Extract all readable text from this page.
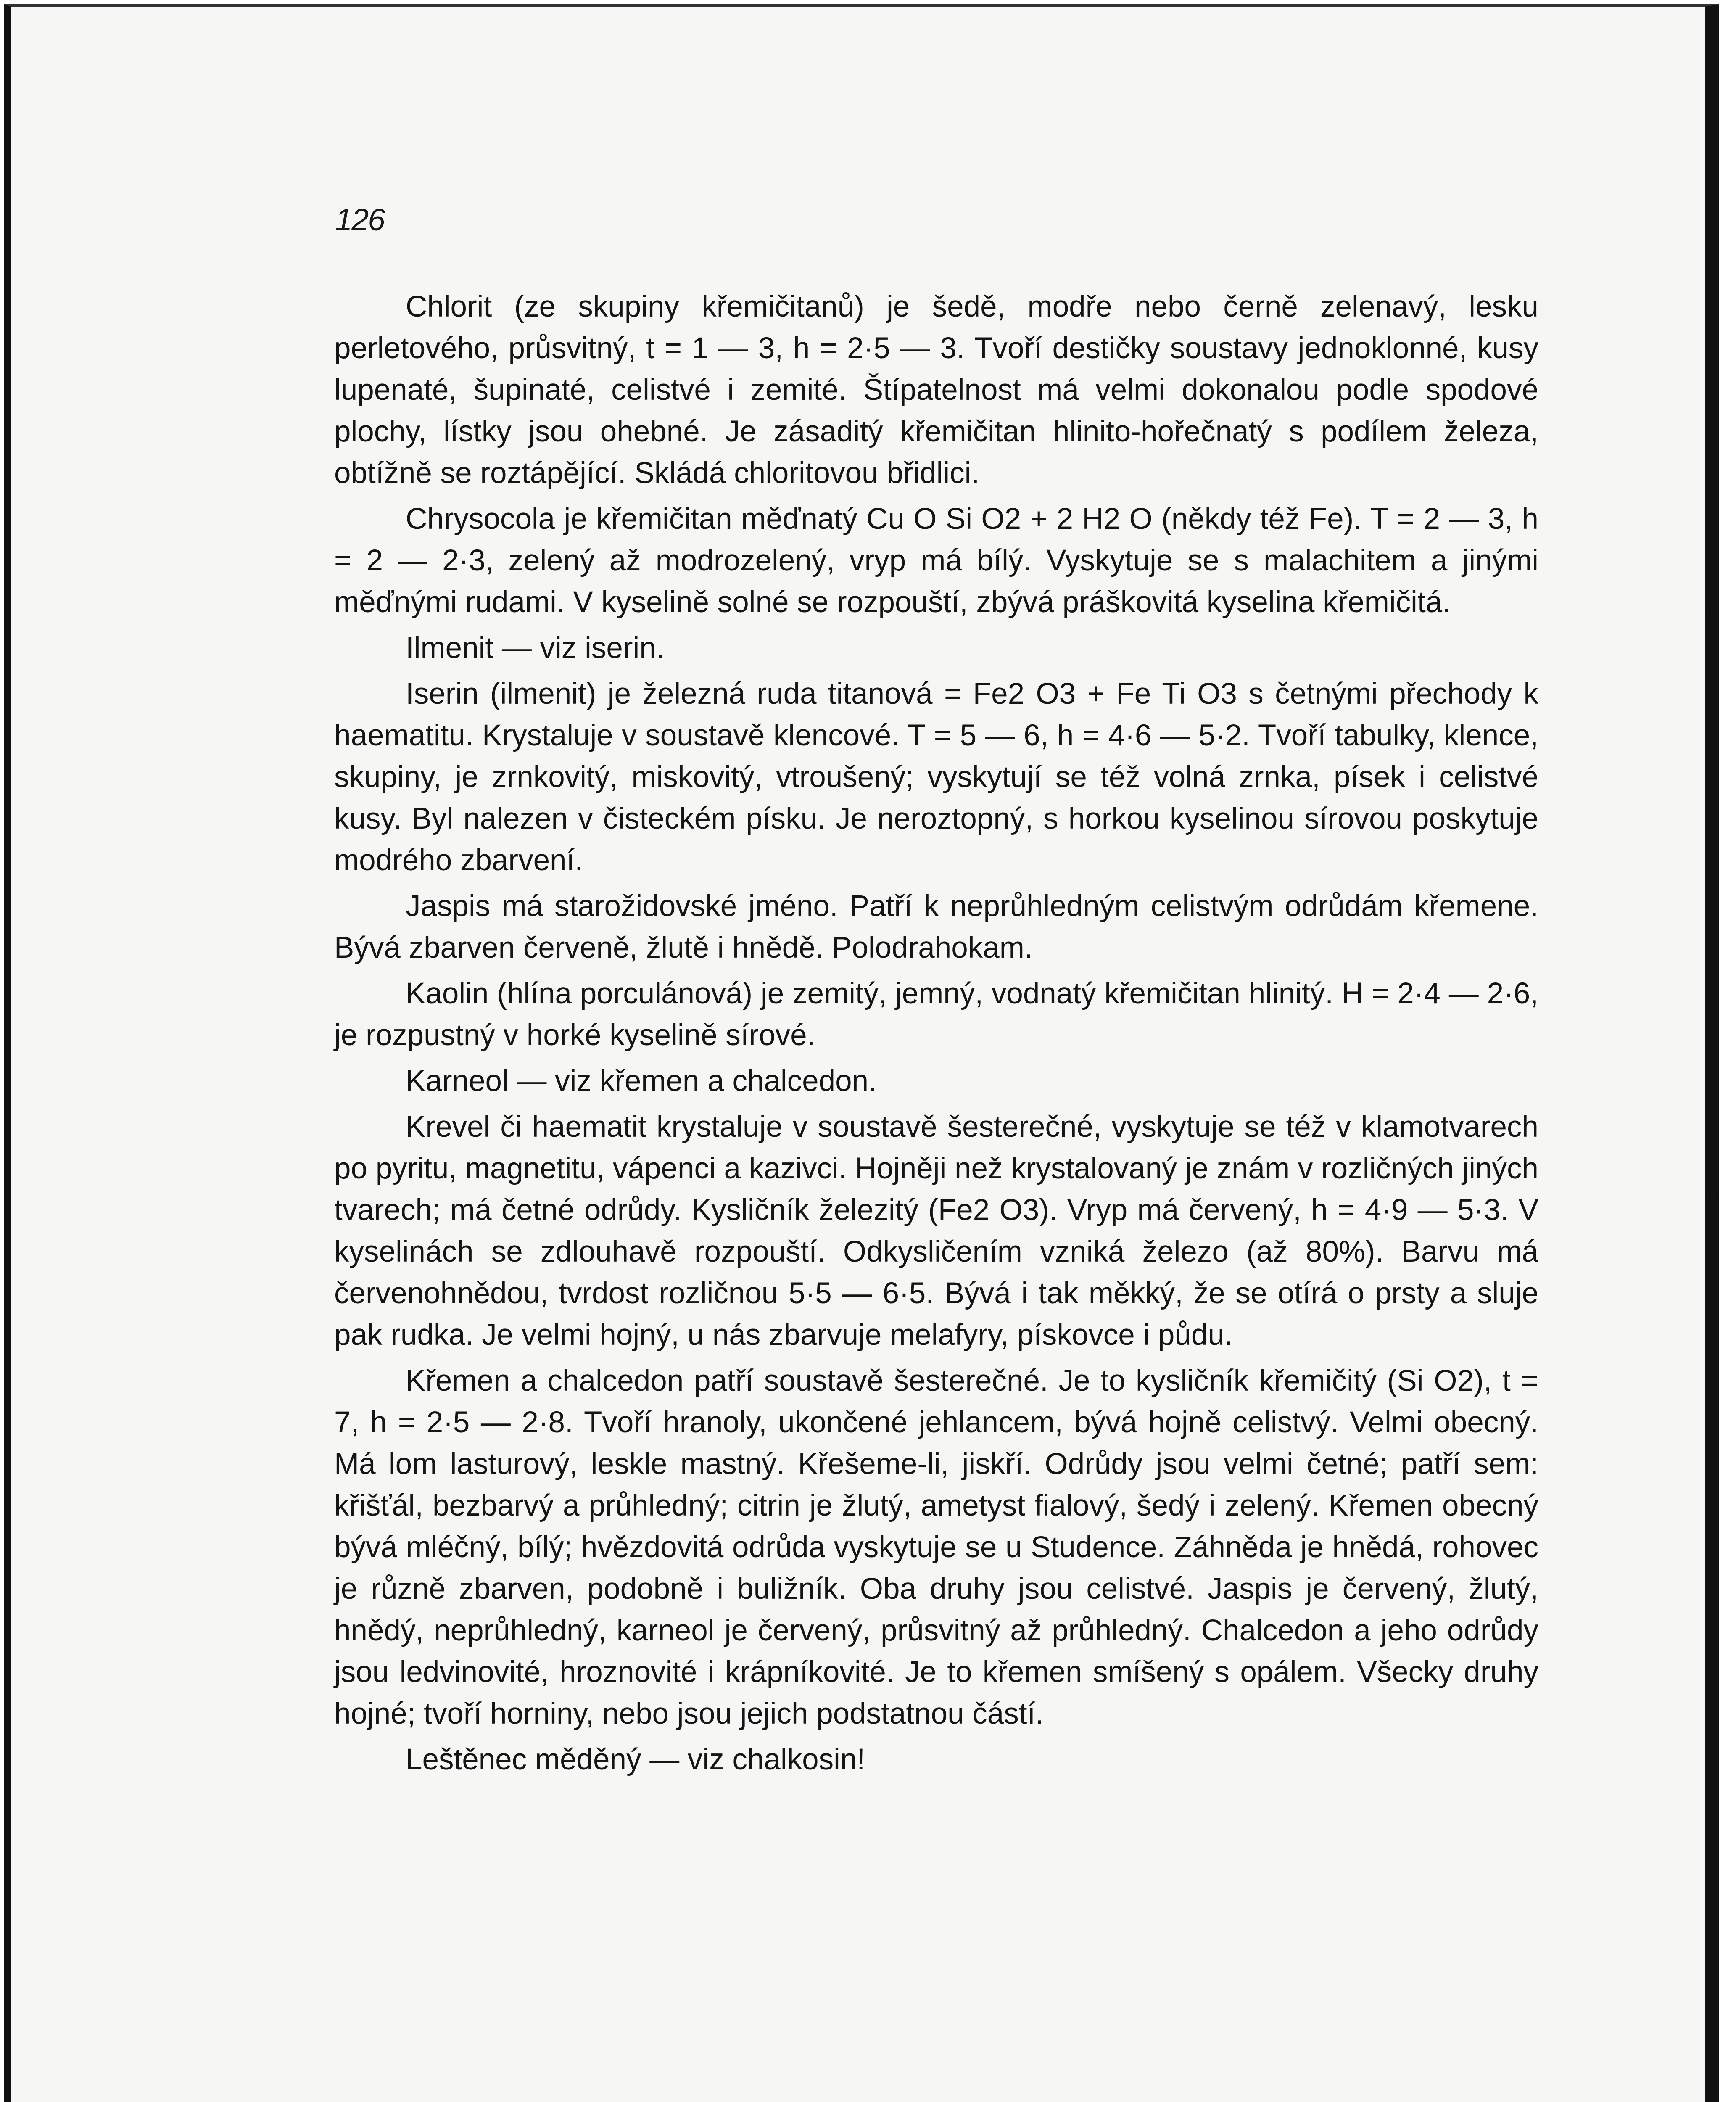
126

Chlorit (ze skupiny křemičitanů) je šedě, modře nebo černě zelenavý, lesku perletového, průsvitný, t = 1 — 3, h = 2·5 — 3. Tvoří destičky soustavy jednoklonné, kusy lupenaté, šupinaté, celistvé i zemité. Štípatelnost má velmi dokonalou podle spodové plochy, lístky jsou ohebné. Je zásaditý křemičitan hlinito-hořečnatý s podílem železa, obtížně se roztápějící. Skládá chloritovou břidlici.

Chrysocola je křemičitan měďnatý Cu O Si O2 + 2 H2 O (někdy též Fe). T = 2 — 3, h = 2 — 2·3, zelený až modrozelený, vryp má bílý. Vyskytuje se s malachitem a jinými měďnými rudami. V kyselině solné se rozpouští, zbývá práškovitá kyselina křemičitá.

Ilmenit — viz iserin.

Iserin (ilmenit) je železná ruda titanová = Fe2 O3 + Fe Ti O3 s četnými přechody k haematitu. Krystaluje v soustavě klencové. T = 5 — 6, h = 4·6 — 5·2. Tvoří tabulky, klence, skupiny, je zrnkovitý, miskovitý, vtroušený; vyskytují se též volná zrnka, písek i celistvé kusy. Byl nalezen v čisteckém písku. Je neroztopný, s horkou kyselinou sírovou poskytuje modrého zbarvení.

Jaspis má starožidovské jméno. Patří k neprůhledným celistvým odrůdám křemene. Bývá zbarven červeně, žlutě i hnědě. Polodrahokam.

Kaolin (hlína porculánová) je zemitý, jemný, vodnatý křemičitan hlinitý. H = 2·4 — 2·6, je rozpustný v horké kyselině sírové.

Karneol — viz křemen a chalcedon.

Krevel či haematit krystaluje v soustavě šesterečné, vyskytuje se též v klamotvarech po pyritu, magnetitu, vápenci a kazivci. Hojněji než krystalovaný je znám v rozličných jiných tvarech; má četné odrůdy. Kysličník železitý (Fe2 O3). Vryp má červený, h = 4·9 — 5·3. V kyselinách se zdlouhavě rozpouští. Odkysličením vzniká železo (až 80%). Barvu má červenohnědou, tvrdost rozličnou 5·5 — 6·5. Bývá i tak měkký, že se otírá o prsty a sluje pak rudka. Je velmi hojný, u nás zbarvuje melafyry, pískovce i půdu.

Křemen a chalcedon patří soustavě šesterečné. Je to kysličník křemičitý (Si O2), t = 7, h = 2·5 — 2·8. Tvoří hranoly, ukončené jehlancem, bývá hojně celistvý. Velmi obecný. Má lom lasturový, leskle mastný. Křešeme-li, jiskří. Odrůdy jsou velmi četné; patří sem: křišťál, bezbarvý a průhledný; citrin je žlutý, ametyst fialový, šedý i zelený. Křemen obecný bývá mléčný, bílý; hvězdovitá odrůda vyskytuje se u Studence. Záhněda je hnědá, rohovec je různě zbarven, podobně i buližník. Oba druhy jsou celistvé. Jaspis je červený, žlutý, hnědý, neprůhledný, karneol je červený, průsvitný až průhledný. Chalcedon a jeho odrůdy jsou ledvinovité, hroznovité i krápníkovité. Je to křemen smíšený s opálem. Všecky druhy hojné; tvoří horniny, nebo jsou jejich podstatnou částí.

Leštěnec měděný — viz chalkosin!
